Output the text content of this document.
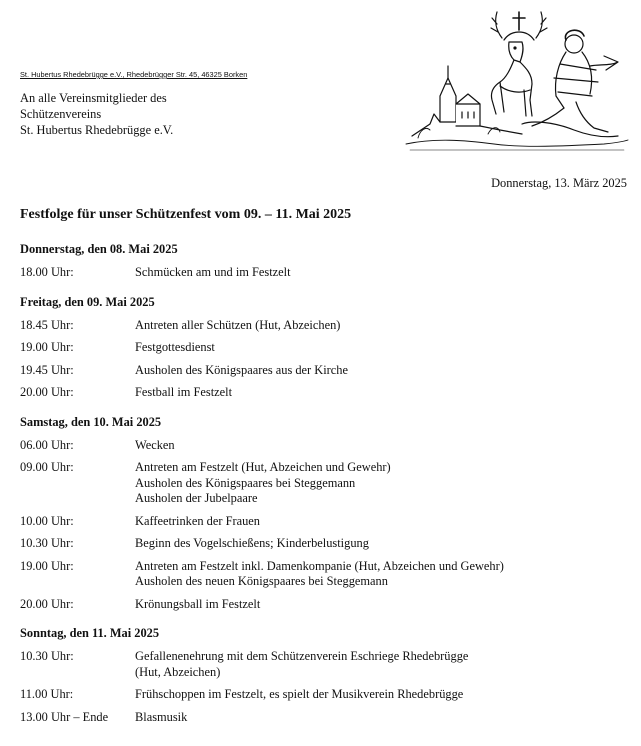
St. Hubertus Rhedebrügge e.V., Rhedebrügger Str. 45, 46325 Borken
An alle Vereinsmitglieder des
Schützenvereins
St. Hubertus Rhedebrügge e.V.
Donnerstag, 13. März 2025
Festfolge für unser Schützenfest vom 09. – 11. Mai 2025
Donnerstag, den 08. Mai 2025
18.00 Uhr:	Schmücken am und im Festzelt
Freitag, den 09. Mai 2025
18.45 Uhr:	Antreten aller Schützen (Hut, Abzeichen)
19.00 Uhr:	Festgottesdienst
19.45 Uhr:	Ausholen des Königspaares aus der Kirche
20.00 Uhr:	Festball im Festzelt
Samstag, den 10. Mai 2025
06.00 Uhr:	Wecken
09.00 Uhr:	Antreten am Festzelt (Hut, Abzeichen und Gewehr)
Ausholen des Königspaares bei Steggemann
Ausholen der Jubelpaare
10.00 Uhr:	Kaffeetrinken der Frauen
10.30 Uhr:	Beginn des Vogelschießens; Kinderbelustigung
19.00 Uhr:	Antreten am Festzelt inkl. Damenkompanie (Hut, Abzeichen und Gewehr)
Ausholen des neuen Königspaares bei Steggemann
20.00 Uhr:	Krönungsball im Festzelt
Sonntag, den 11. Mai 2025
10.30 Uhr:	Gefallenenehrung mit dem Schützenverein Eschriege Rhedebrügge
(Hut, Abzeichen)
11.00 Uhr:	Frühschoppen im Festzelt, es spielt der Musikverein Rhedebrügge
13.00 Uhr – Ende	Blasmusik
